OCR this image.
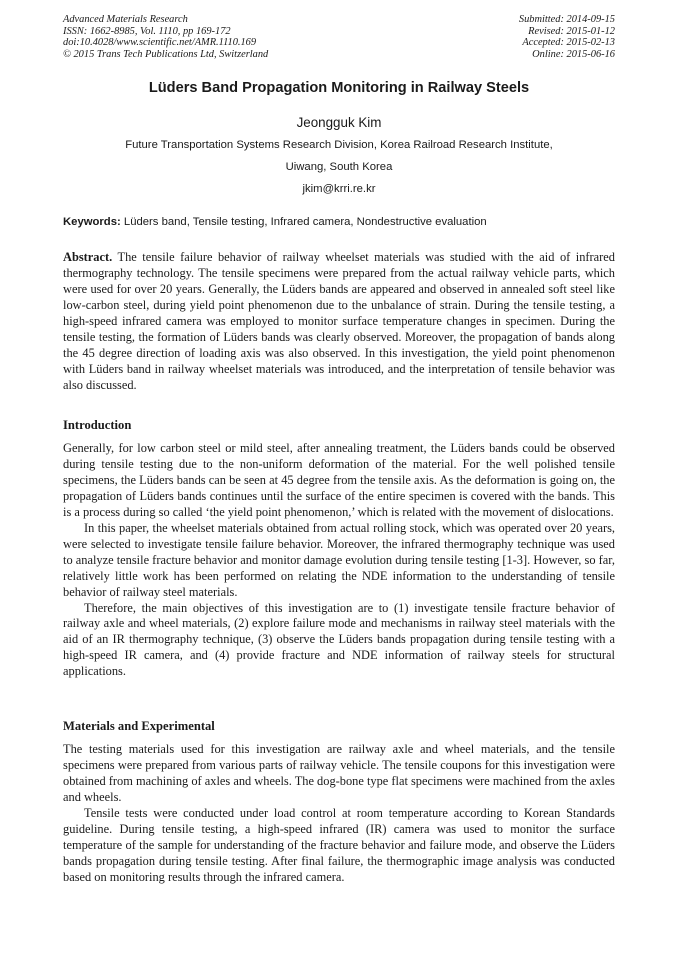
Advanced Materials Research
ISSN: 1662-8985, Vol. 1110, pp 169-172
doi:10.4028/www.scientific.net/AMR.1110.169
© 2015 Trans Tech Publications Ltd, Switzerland
Submitted: 2014-09-15
Revised: 2015-01-12
Accepted: 2015-02-13
Online: 2015-06-16
Lüders Band Propagation Monitoring in Railway Steels
Jeongguk Kim
Future Transportation Systems Research Division, Korea Railroad Research Institute,
Uiwang, South Korea
jkim@krri.re.kr
Keywords: Lüders band, Tensile testing, Infrared camera, Nondestructive evaluation

Abstract. The tensile failure behavior of railway wheelset materials was studied with the aid of infrared thermography technology. The tensile specimens were prepared from the actual railway vehicle parts, which were used for over 20 years. Generally, the Lüders bands are appeared and observed in annealed soft steel like low-carbon steel, during yield point phenomenon due to the unbalance of strain. During the tensile testing, a high-speed infrared camera was employed to monitor surface temperature changes in specimen. During the tensile testing, the formation of Lüders bands was clearly observed. Moreover, the propagation of bands along the 45 degree direction of loading axis was also observed. In this investigation, the yield point phenomenon with Lüders band in railway wheelset materials was introduced, and the interpretation of tensile behavior was also discussed.

Introduction

Generally, for low carbon steel or mild steel, after annealing treatment, the Lüders bands could be observed during tensile testing due to the non-uniform deformation of the material. For the well polished tensile specimens, the Lüders bands can be seen at 45 degree from the tensile axis. As the deformation is going on, the propagation of Lüders bands continues until the surface of the entire specimen is covered with the bands. This is a process during so called ‘the yield point phenomenon,’ which is related with the movement of dislocations.

In this paper, the wheelset materials obtained from actual rolling stock, which was operated over 20 years, were selected to investigate tensile failure behavior. Moreover, the infrared thermography technique was used to analyze tensile fracture behavior and monitor damage evolution during tensile testing [1-3]. However, so far, relatively little work has been performed on relating the NDE information to the understanding of tensile behavior of railway steel materials.

Therefore, the main objectives of this investigation are to (1) investigate tensile fracture behavior of railway axle and wheel materials, (2) explore failure mode and mechanisms in railway steel materials with the aid of an IR thermography technique, (3) observe the Lüders bands propagation during tensile testing with a high-speed IR camera, and (4) provide fracture and NDE information of railway steels for structural applications.

Materials and Experimental

The testing materials used for this investigation are railway axle and wheel materials, and the tensile specimens were prepared from various parts of railway vehicle. The tensile coupons for this investigation were obtained from machining of axles and wheels. The dog-bone type flat specimens were machined from the axles and wheels.

Tensile tests were conducted under load control at room temperature according to Korean Standards guideline. During tensile testing, a high-speed infrared (IR) camera was used to monitor the surface temperature of the sample for understanding of the fracture behavior and failure mode, and observe the Lüders bands propagation during tensile testing. After final failure, the thermographic image analysis was conducted based on monitoring results through the infrared camera.
